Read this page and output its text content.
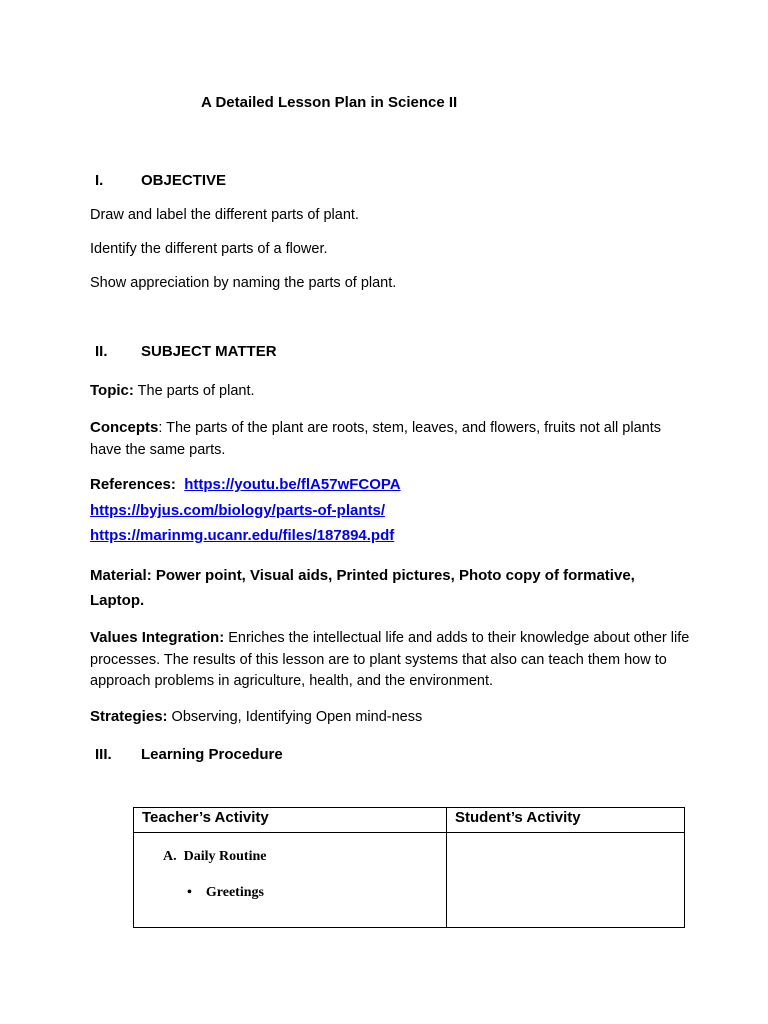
A Detailed Lesson Plan in Science II
I.	OBJECTIVE
Draw and label the different parts of plant.
Identify the different parts of a flower.
Show appreciation by naming the parts of plant.
II. SUBJECT MATTER
Topic: The parts of plant.
Concepts: The parts of the plant are roots, stem, leaves, and flowers, fruits not all plants have the same parts.
References: https://youtu.be/flA57wFCOPA
https://byjus.com/biology/parts-of-plants/
https://marinmg.ucanr.edu/files/187894.pdf
Material: Power point, Visual aids, Printed pictures, Photo copy of formative, Laptop.
Values Integration: Enriches the intellectual life and adds to their knowledge about other life processes. The results of this lesson are to plant systems that also can teach them how to approach problems in agriculture, health, and the environment.
Strategies: Observing, Identifying Open mind-ness
III. Learning Procedure
Teacher’s Activity	Student’s Activity

A. Daily Routine
• Greetings	
